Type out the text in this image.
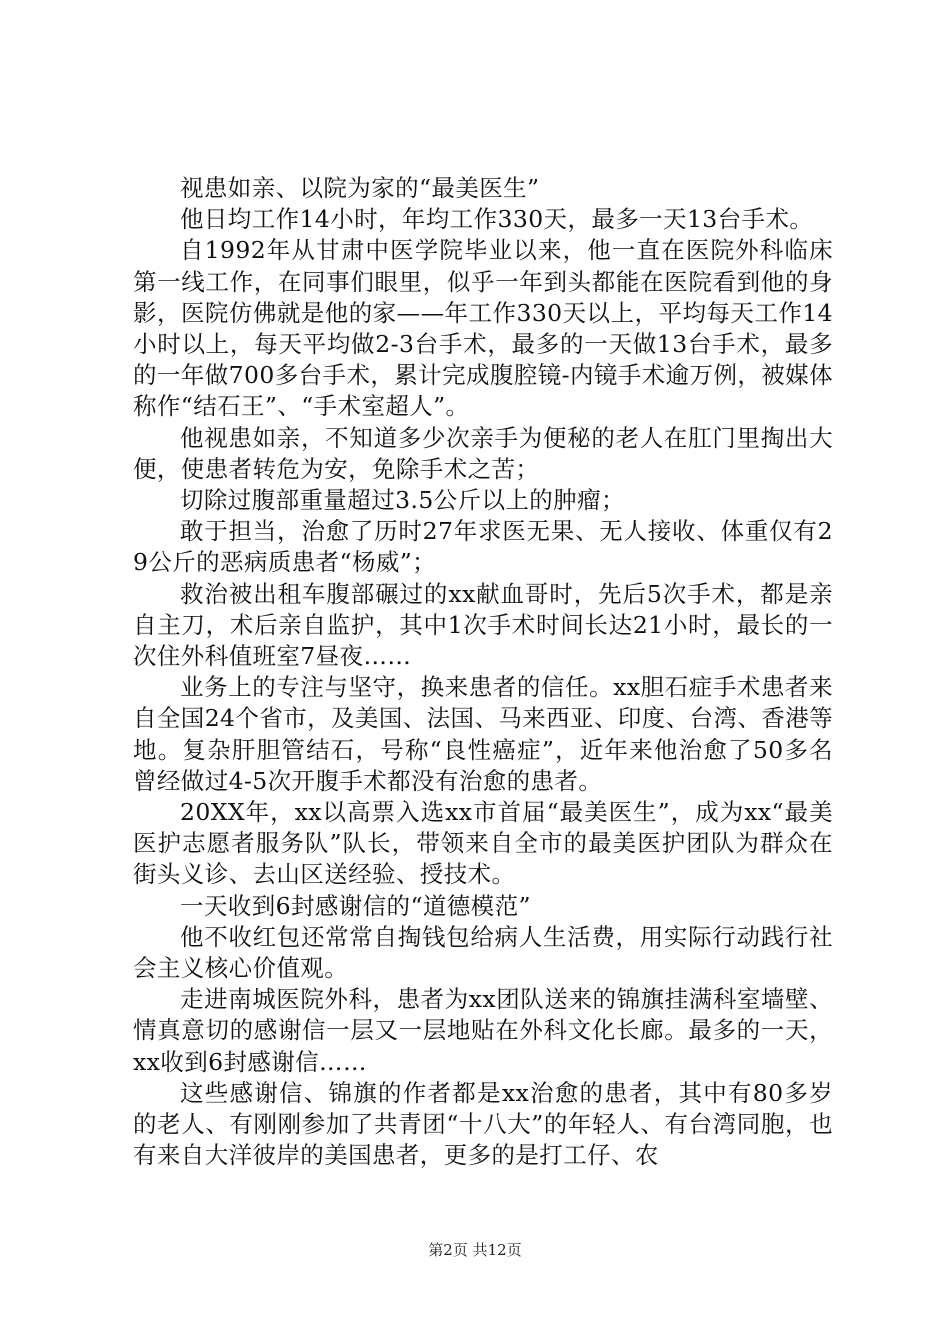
视患如亲、以院为家的“最美医生”

他日均工作14小时，年均工作330天，最多一天13台手术。

自1992年从甘肃中医学院毕业以来，他一直在医院外科临床第一线工作，在同事们眼里，似乎一年到头都能在医院看到他的身影，医院仿佛就是他的家——年工作330天以上，平均每天工作14小时以上，每天平均做2-3台手术，最多的一天做13台手术，最多的一年做700多台手术，累计完成腹腔镜-内镜手术逾万例，被媒体称作“结石王”、“手术室超人”。

他视患如亲，不知道多少次亲手为便秘的老人在肛门里掏出大便，使患者转危为安，免除手术之苦；

切除过腹部重量超过3.5公斤以上的肿瘤；

敢于担当，治愈了历时27年求医无果、无人接收、体重仅有29公斤的恶病质患者“杨威”；

救治被出租车腹部碾过的xx献血哥时，先后5次手术，都是亲自主刀，术后亲自监护，其中1次手术时间长达21小时，最长的一次住外科值班室7昼夜……

业务上的专注与坚守，换来患者的信任。xx胆石症手术患者来自全国24个省市，及美国、法国、马来西亚、印度、台湾、香港等地。复杂肝胆管结石，号称“良性癌症”，近年来他治愈了50多名曾经做过4-5次开腹手术都没有治愈的患者。

20XX年，xx以高票入选xx市首届“最美医生”，成为xx“最美医护志愿者服务队”队长，带领来自全市的最美医护团队为群众在街头义诊、去山区送经验、授技术。

一天收到6封感谢信的“道德模范”

他不收红包还常常自掏钱包给病人生活费，用实际行动践行社会主义核心价值观。

走进南城医院外科，患者为xx团队送来的锦旗挂满科室墙壁、情真意切的感谢信一层又一层地贴在外科文化长廊。最多的一天，xx收到6封感谢信……

这些感谢信、锦旗的作者都是xx治愈的患者，其中有80多岁的老人、有刚刚参加了共青团“十八大”的年轻人、有台湾同胞，也有来自大洋彼岸的美国患者，更多的是打工仔、农

第2页 共12页
